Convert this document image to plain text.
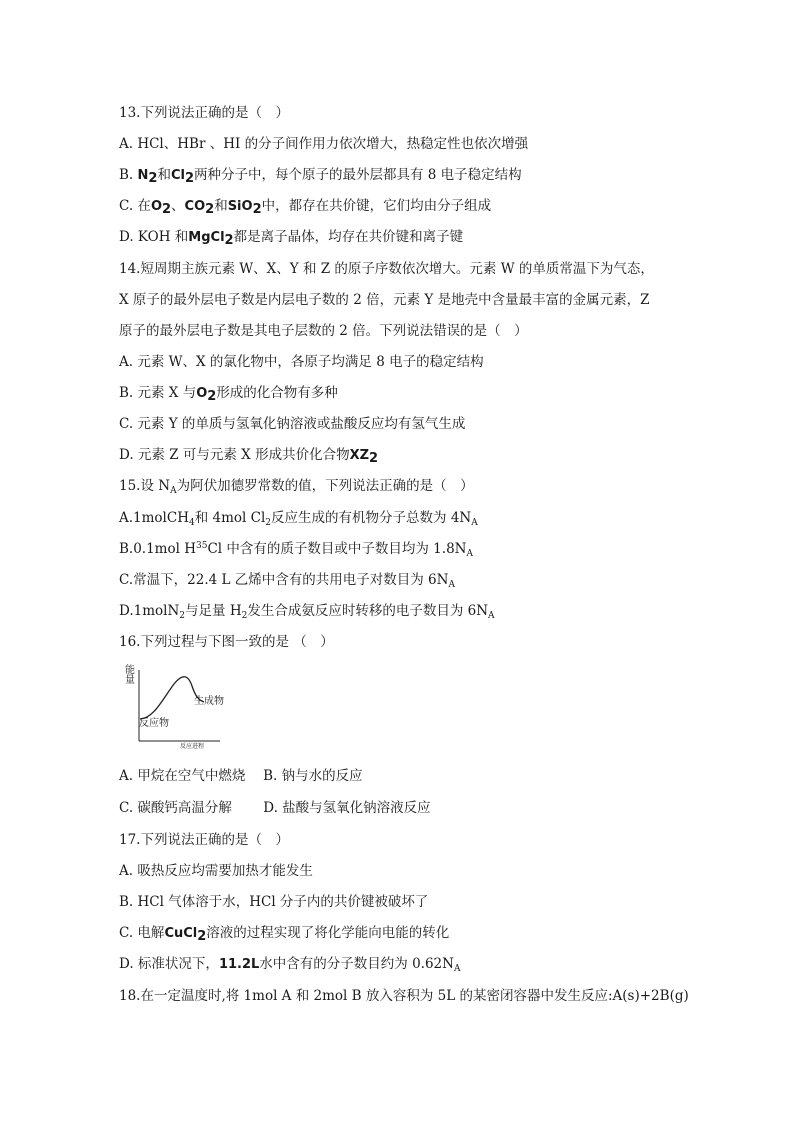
13.下列说法正确的是（　）
A. HCl、HBr 、HI 的分子间作用力依次增大，热稳定性也依次增强
B. $N_2$和$Cl_2$两种分子中，每个原子的最外层都具有 8 电子稳定结构
C. 在$O_2$、$CO_2$和SiO$_2$中，都存在共价键，它们均由分子组成
D. KOH 和MgCl$_2$都是离子晶体，均存在共价键和离子键
14.短周期主族元素 W、X、Y 和 Z 的原子序数依次增大。元素 W 的单质常温下为气态，
X 原子的最外层电子数是内层电子数的 2 倍，元素 Y 是地壳中含量最丰富的金属元素，Z
原子的最外层电子数是其电子层数的 2 倍。下列说法错误的是（　）
A. 元素 W、X 的氯化物中，各原子均满足 8 电子的稳定结构
B. 元素 X 与$O_2$形成的化合物有多种
C. 元素 Y 的单质与氢氧化钠溶液或盐酸反应均有氢气生成
D. 元素 Z 可与元素 X 形成共价化合物$XZ_2$
15.设 $N_A$为阿伏加德罗常数的值，下列说法正确的是（　）
A.1molCH$_4$和 4mol $Cl_2$反应生成的有机物分子总数为 $4N_A$
B.0.1mol $H^{35}Cl$ 中含有的质子数目或中子数目均为 $1.8N_A$
C.常温下，22.4 L 乙烯中含有的共用电子对数目为 $6N_A$
D.1molN$_2$与足量 $H_2$发生合成氨反应时转移的电子数目为 $6N_A$
16.下列过程与下图一致的是 （　）
能量
生成物
反应物
反应进程
A. 甲烷在空气中燃烧　 B. 钠与水的反应
C. 碳酸钙高温分解　　 D. 盐酸与氢氧化钠溶液反应
17.下列说法正确的是（　）
A. 吸热反应均需要加热才能发生
B. HCl 气体溶于水，HCl 分子内的共价键被破坏了
C. 电解CuCl$_2$溶液的过程实现了将化学能向电能的转化
D. 标准状况下，11.2L水中含有的分子数目约为 $0.62N_A$
18.在一定温度时,将 1mol A 和 2mol B 放入容积为 5L 的某密闭容器中发生反应:A(s)+2B(g)
